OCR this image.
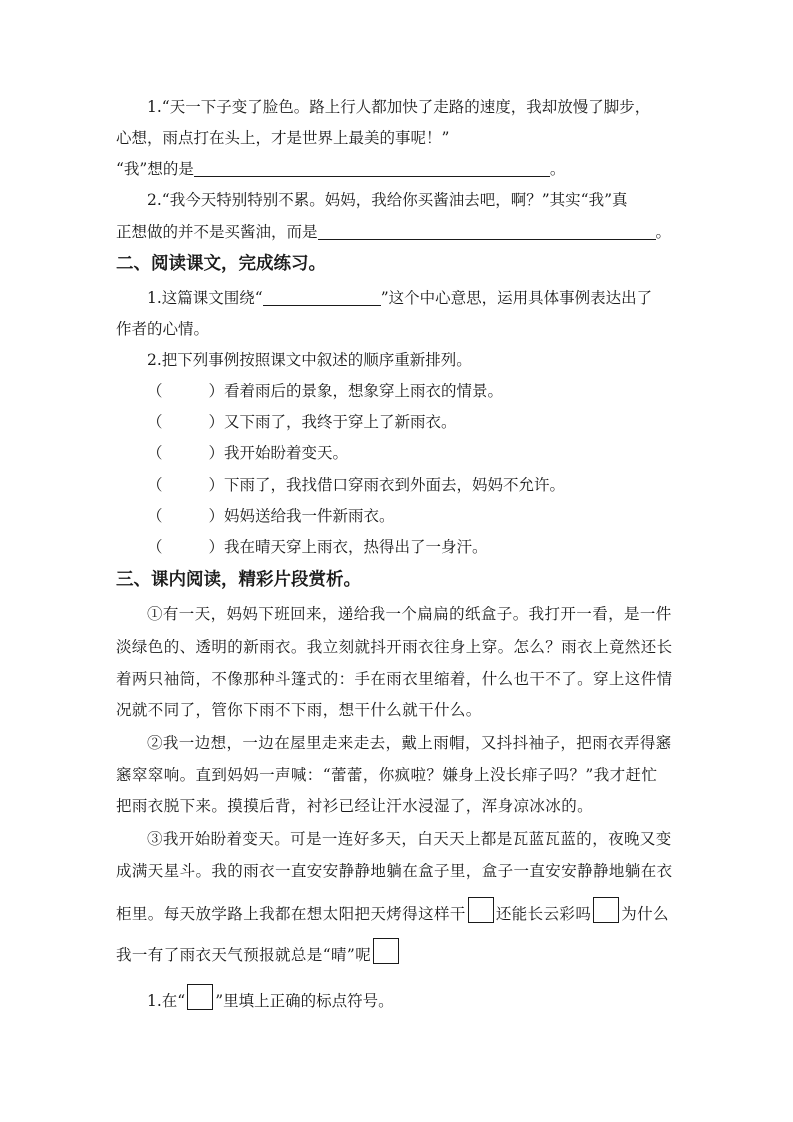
1.“天一下子变了脸色。路上行人都加快了走路的速度，我却放慢了脚步，
心想，雨点打在头上，才是世界上最美的事呢！”
“我”想的是	。
2.“我今天特别特别不累。妈妈，我给你买酱油去吧，啊？”其实“我”真
正想做的并不是买酱油，而是	。
二、阅读课文，完成练习。
1.这篇课文围绕“	”这个中心意思，运用具体事例表达出了
作者的心情。
2.把下列事例按照课文中叙述的顺序重新排列。
（	）看着雨后的景象，想象穿上雨衣的情景。
（	）又下雨了，我终于穿上了新雨衣。
（	）我开始盼着变天。
（	）下雨了，我找借口穿雨衣到外面去，妈妈不允许。
（	）妈妈送给我一件新雨衣。
（	）我在晴天穿上雨衣，热得出了一身汗。
三、课内阅读，精彩片段赏析。
①有一天，妈妈下班回来，递给我一个扁扁的纸盒子。我打开一看，是一件
淡绿色的、透明的新雨衣。我立刻就抖开雨衣往身上穿。怎么？雨衣上竟然还长
着两只袖筒，不像那种斗篷式的：手在雨衣里缩着，什么也干不了。穿上这件情
况就不同了，管你下雨不下雨，想干什么就干什么。
②我一边想，一边在屋里走来走去，戴上雨帽，又抖抖袖子，把雨衣弄得窸
窸窣窣响。直到妈妈一声喊：“蕾蕾，你疯啦？嫌身上没长痱子吗？”我才赶忙
把雨衣脱下来。摸摸后背，衬衫已经让汗水浸湿了，浑身凉冰冰的。
③我开始盼着变天。可是一连好多天，白天天上都是瓦蓝瓦蓝的，夜晚又变
成满天星斗。我的雨衣一直安安静静地躺在盒子里，盒子一直安安静静地躺在衣
柜里。每天放学路上我都在想太阳把天烤得这样干 还能长云彩吗 为什么
我一有了雨衣天气预报就总是“晴”呢
1.在“ ”里填上正确的标点符号。
